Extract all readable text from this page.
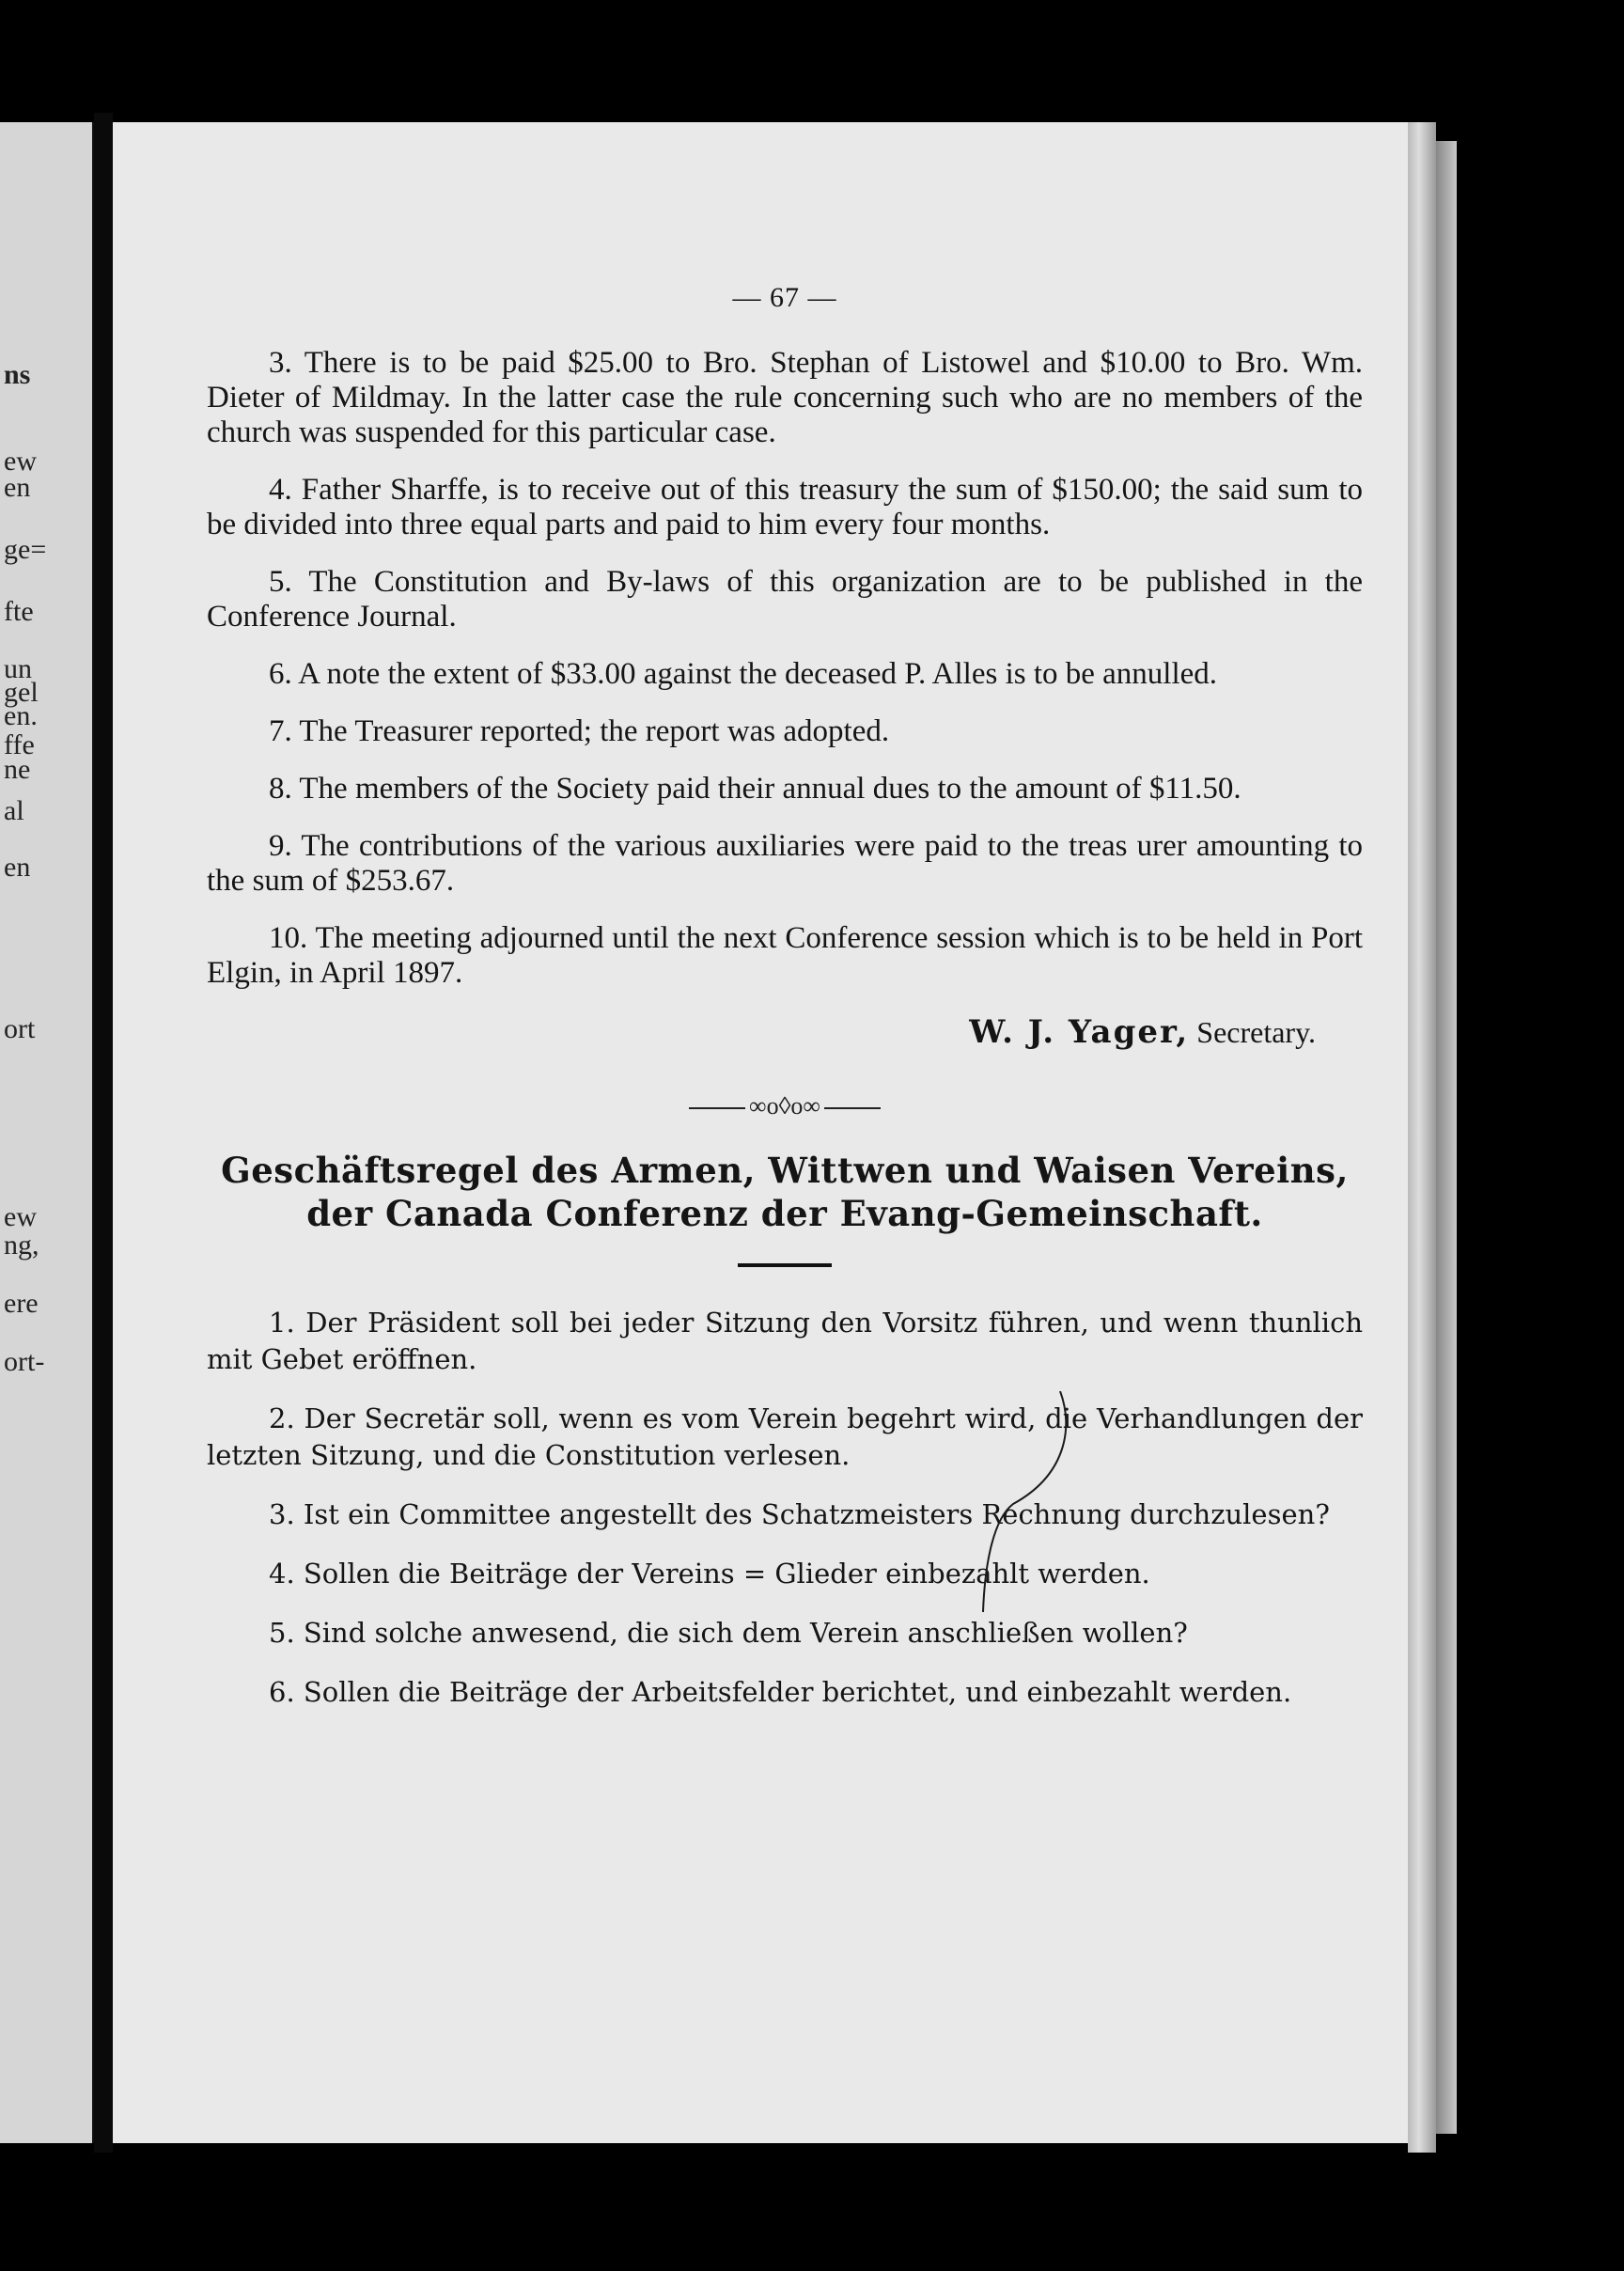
ns
ew
en
ge=
fte
un
gel
en.
ffe
ne
al
en
ort
ew
ng,
ere
ort-
— 67 —

3. There is to be paid $25.00 to Bro. Stephan of Listowel and $10.00 to Bro. Wm. Dieter of Mildmay. In the latter case the rule concerning such who are no members of the church was suspended for this particular case.

4. Father Sharffe, is to receive out of this treasury the sum of $150.00; the said sum to be divided into three equal parts and paid to him every four months.

5. The Constitution and By-laws of this organization are to be published in the Conference Journal.

6. A note the extent of $33.00 against the deceased P. Alles is to be annulled.

7. The Treasurer reported; the report was adopted.

8. The members of the Society paid their annual dues to the amount of $11.50.

9. The contributions of the various auxiliaries were paid to the treas urer amounting to the sum of $253.67.

10. The meeting adjourned until the next Conference session which is to be held in Port Elgin, in April 1897.

W. J. Yager, Secretary.
∞o◊o∞
Geschäftsregel des Armen, Wittwen und Waisen Vereins,
der Canada Conferenz der Evang-Gemeinschaft.

1. Der Präsident soll bei jeder Sitzung den Vorsitz führen, und wenn thunlich mit Gebet eröffnen.

2. Der Secretär soll, wenn es vom Verein begehrt wird, die Verhandlungen der letzten Sitzung, und die Constitution verlesen.

3. Ist ein Committee angestellt des Schatzmeisters Rechnung durchzulesen?

4. Sollen die Beiträge der Vereins = Glieder einbezahlt werden.

5. Sind solche anwesend, die sich dem Verein anschließen wollen?

6. Sollen die Beiträge der Arbeitsfelder berichtet, und einbezahlt werden.
